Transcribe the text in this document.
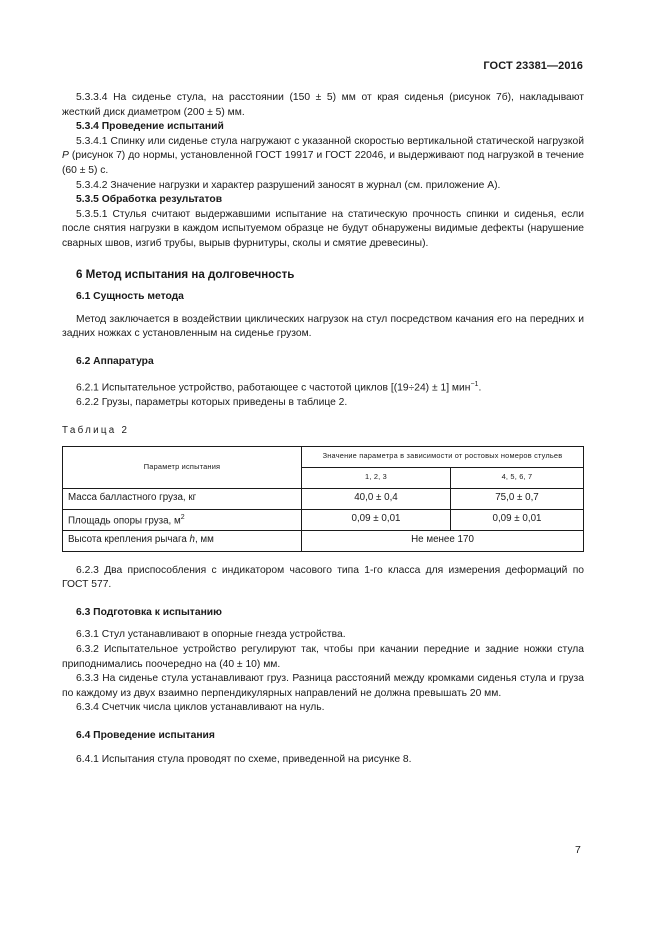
ГОСТ 23381—2016

5.3.3.4 На сиденье стула, на расстоянии (150 ± 5) мм от края сиденья (рисунок 7б), накладывают жесткий диск диаметром (200 ± 5) мм.

5.3.4 Проведение испытаний

5.3.4.1 Спинку или сиденье стула нагружают с указанной скоростью вертикальной статической нагрузкой Р (рисунок 7) до нормы, установленной ГОСТ 19917 и ГОСТ 22046, и выдерживают под нагрузкой в течение (60 ± 5) с.

5.3.4.2 Значение нагрузки и характер разрушений заносят в журнал (см. приложение А).

5.3.5 Обработка результатов

5.3.5.1 Стулья считают выдержавшими испытание на статическую прочность спинки и сиденья, если после снятия нагрузки в каждом испытуемом образце не будут обнаружены видимые дефекты (нарушение сварных швов, изгиб трубы, вырыв фурнитуры, сколы и смятие древесины).

6 Метод испытания на долговечность

6.1 Сущность метода

Метод заключается в воздействии циклических нагрузок на стул посредством качания его на передних и задних ножках с установленным на сиденье грузом.

6.2 Аппаратура

6.2.1 Испытательное устройство, работающее с частотой циклов [(19÷24) ± 1] мин$^{-1}$.

6.2.2 Грузы, параметры которых приведены в таблице 2.

Таблица 2

Параметр испытания	Значение параметра в зависимости от ростовых номеров стульев	
	1, 2, 3	4, 5, 6, 7
Масса балластного груза, кг	40,0 ± 0,4	75,0 ± 0,7
Площадь опоры груза, $м^2$	0,09 ± 0,01	0,09 ± 0,01
Высота крепления рычага h, мм	Не менее 170	

6.2.3 Два приспособления с индикатором часового типа 1-го класса для измерения деформаций по ГОСТ 577.

6.3 Подготовка к испытанию

6.3.1 Стул устанавливают в опорные гнезда устройства.

6.3.2 Испытательное устройство регулируют так, чтобы при качании передние и задние ножки стула приподнимались поочередно на (40 ± 10) мм.

6.3.3 На сиденье стула устанавливают груз. Разница расстояний между кромками сиденья стула и груза по каждому из двух взаимно перпендикулярных направлений не должна превышать 20 мм.

6.3.4 Счетчик числа циклов устанавливают на нуль.

6.4 Проведение испытания

6.4.1 Испытания стула проводят по схеме, приведенной на рисунке 8.

7
